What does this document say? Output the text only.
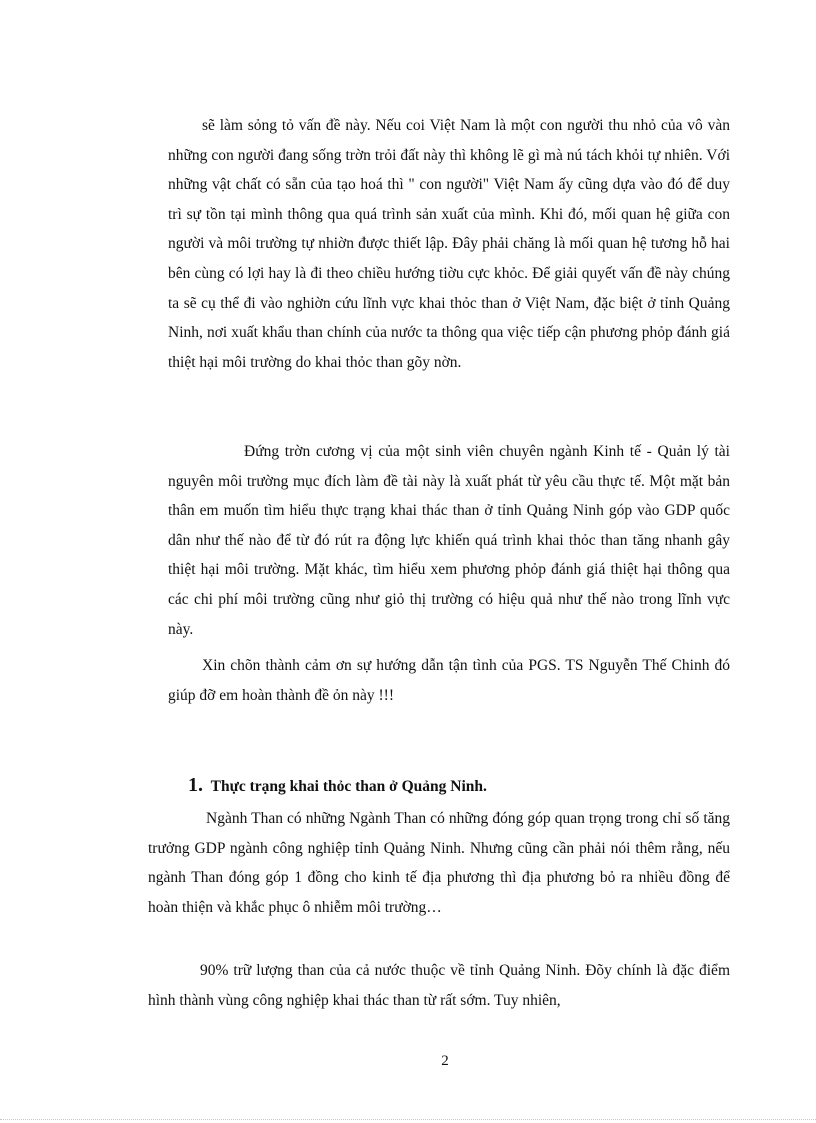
sẽ làm sỏng tỏ vấn đề này. Nếu coi Việt Nam là một con người thu nhỏ của vô vàn những con người đang sống trờn trỏi đất này thì không lẽ gì mà nú tách khỏi tự nhiên. Với những vật chất có sẵn của tạo hoá thì " con người" Việt Nam ấy cũng dựa vào đó để duy trì sự tồn tại mình thông qua quá trình sản xuất của mình. Khi đó, mối quan hệ giữa con người và môi trường tự nhiờn được thiết lập. Đây phải chăng là mối quan hệ tương hỗ hai bên cùng có lợi hay là đi theo chiều hướng tiờu cực khỏc. Để giải quyết vấn đề này chúng ta sẽ cụ thể đi vào nghiờn cứu lĩnh vực khai thỏc than ở Việt Nam, đặc biệt ở tỉnh Quảng Ninh, nơi xuất khẩu than chính của nước ta thông qua việc tiếp cận phương phỏp đánh giá thiệt hại môi trường do khai thỏc than gõy nờn.

Đứng trờn cương vị của một sinh viên chuyên ngành Kinh tế - Quản lý tài nguyên môi trường mục đích làm đề tài này là xuất phát từ yêu cầu thực tế. Một mặt bản thân em muốn tìm hiểu thực trạng khai thác than ở tỉnh Quảng Ninh góp vào GDP quốc dân như thế nào để từ đó rút ra động lực khiến quá trình khai thỏc than tăng nhanh gây thiệt hại môi trường. Mặt khác, tìm hiểu xem phương phỏp đánh giá thiệt hại thông qua các chi phí môi trường cũng như giỏ thị trường có hiệu quả như thế nào trong lĩnh vực này.

Xin chõn thành cảm ơn sự hướng dẫn tận tình của PGS. TS Nguyễn Thế Chinh đó giúp đỡ em hoàn thành đề ỏn này !!!

1. Thực trạng khai thỏc than ở Quảng Ninh.

Ngành Than có những Ngành Than có những đóng góp quan trọng trong chỉ số tăng trưởng GDP ngành công nghiệp tỉnh Quảng Ninh. Nhưng cũng cần phải nói thêm rằng, nếu ngành Than đóng góp 1 đồng cho kinh tế địa phương thì địa phương bỏ ra nhiều đồng để hoàn thiện và khắc phục ô nhiễm môi trường…

90% trữ lượng than của cả nước thuộc về tỉnh Quảng Ninh. Đõy chính là đặc điểm hình thành vùng công nghiệp khai thác than từ rất sớm. Tuy nhiên,

2
